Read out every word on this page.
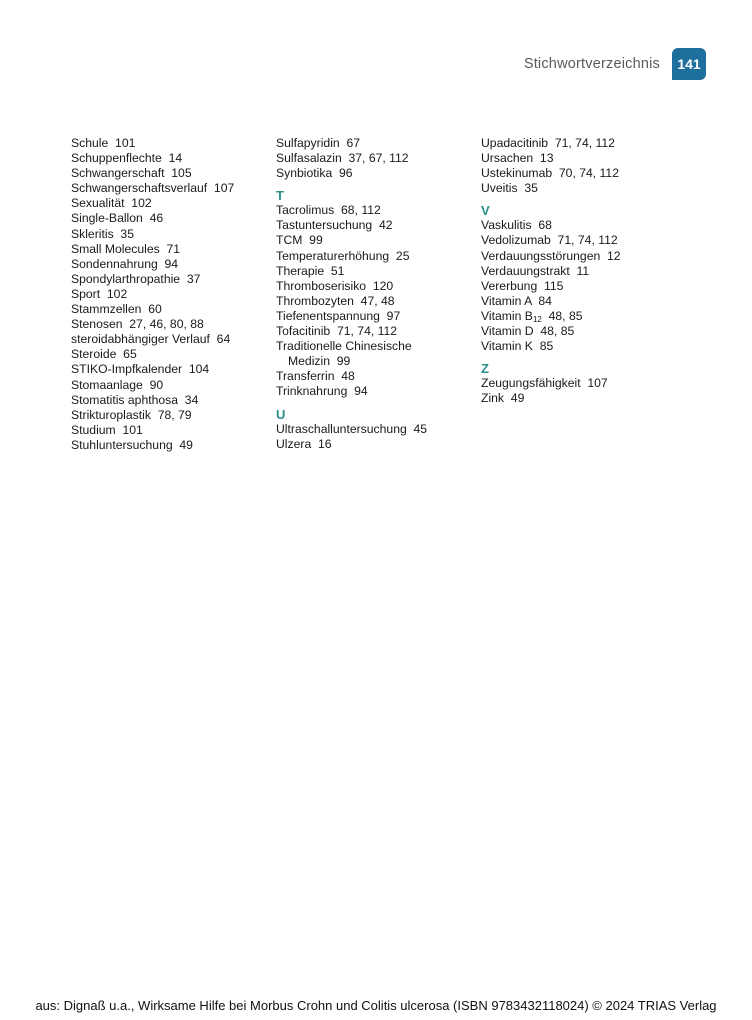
Stichwortverzeichnis	141
Schule  101
Schuppenflechte  14
Schwangerschaft  105
Schwangerschaftsverlauf  107
Sexualität  102
Single-Ballon  46
Skleritis  35
Small Molecules  71
Sondennahrung  94
Spondylarthropathie  37
Sport  102
Stammzellen  60
Stenosen  27, 46, 80, 88
steroidabhängiger Verlauf  64
Steroide  65
STIKO-Impfkalender  104
Stomaanlage  90
Stomatitis aphthosa  34
Strikturoplastik  78, 79
Studium  101
Stuhluntersuchung  49
Sulfapyridin  67
Sulfasalazin  37, 67, 112
Synbiotika  96
T
Tacrolimus  68, 112
Tastuntersuchung  42
TCM  99
Temperaturerhöhung  25
Therapie  51
Thromboserisiko  120
Thrombozyten  47, 48
Tiefenentspannung  97
Tofacitinib  71, 74, 112
Traditionelle Chinesische
Medizin  99
Transferrin  48
Trinknahrung  94
U
Ultraschalluntersuchung  45
Ulzera  16
Upadacitinib  71, 74, 112
Ursachen  13
Ustekinumab  70, 74, 112
Uveitis  35
V
Vaskulitis  68
Vedolizumab  71, 74, 112
Verdauungsstörungen  12
Verdauungstrakt  11
Vererbung  115
Vitamin A  84
Vitamin $B_{12}$  48, 85
Vitamin D  48, 85
Vitamin K  85
Z
Zeugungsfähigkeit  107
Zink  49
aus: Dignaß u.a., Wirksame Hilfe bei Morbus Crohn und Colitis ulcerosa (ISBN 9783432118024) © 2024 TRIAS Verlag
